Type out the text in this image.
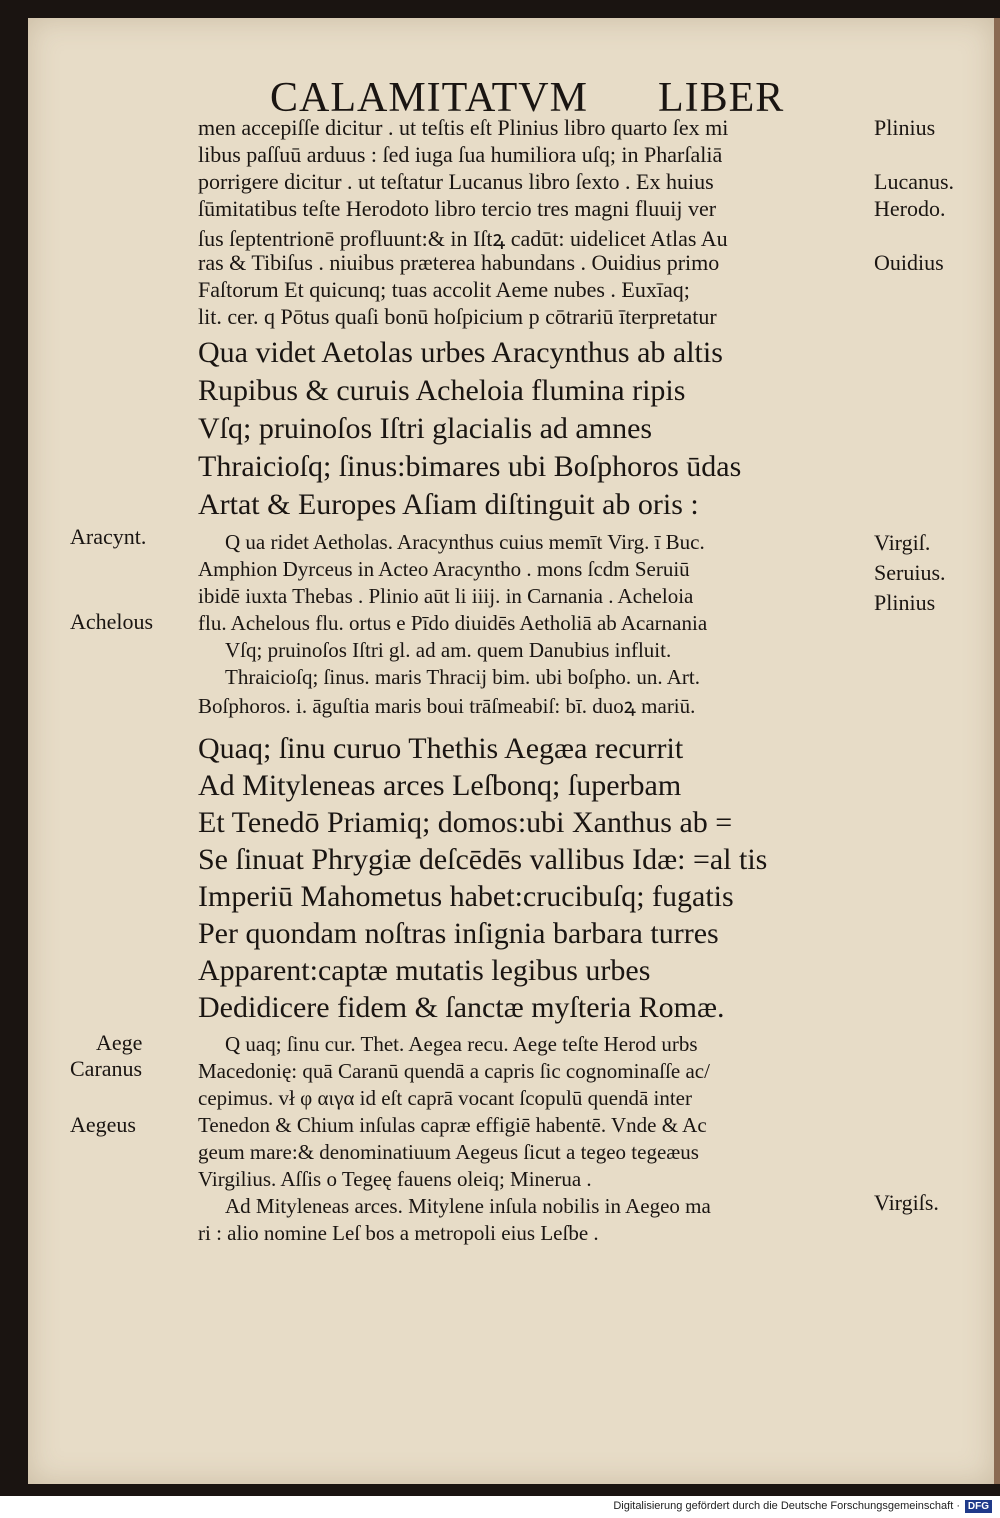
CALAMITATVM LIBER
men accepiſſe dicitur . ut teſtis eſt Plinius libro quarto ſex mi
libus paſſuū arduus : ſed iuga ſua humiliora uſq; in Pharſaliā
porrigere dicitur . ut teſtatur Lucanus libro ſexto . Ex huius
ſūmitatibus teſte Herodoto libro tercio tres magni fluuij ver
ſus ſeptentrionē profluunt:& in Iſtꝝ cadūt: uidelicet Atlas Au
ras & Tibiſus . niuibus præterea habundans . Ouidius primo
Faſtorum Et quicunq; tuas accolit Aeme nubes . Euxīaq;
lit. cer. q Pōtus quaſi bonū hoſpicium p cōtrariū īterpretatur
Qua videt Aetolas urbes Aracynthus ab altis
Rupibus & curuis Acheloia flumina ripis
Vſq; pruinoſos Iſtri glacialis ad amnes
Thraicioſq; ſinus:bimares ubi Boſphoros ūdas
Artat & Europes Aſiam diſtinguit ab oris :
Q ua ridet Aetholas. Aracynthus cuius memīt Virg. ī Buc.
Amphion Dyrceus in Acteo Aracyntho . mons ſcdm Seruiū
ibidē iuxta Thebas . Plinio aūt li iiij. in Carnania . Acheloia
flu. Achelous flu. ortus e Pīdo diuidēs Aetholiā ab Acarnania
Vſq; pruinoſos Iſtri gl. ad am. quem Danubius influit.
Thraicioſq; ſinus. maris Thracij bim. ubi boſpho. un. Art.
Boſphoros. i. āguſtia maris boui trāſmeabiſ: bī. duoꝝ mariū.
Quaq; ſinu curuo Thethis Aegæa recurrit
Ad Mityleneas arces Leſbonq; ſuperbam
Et Tenedō Priamiq; domos:ubi Xanthus ab =
Se ſinuat Phrygiæ deſcēdēs vallibus Idæ: =al tis
Imperiū Mahometus habet:crucibuſq; fugatis
Per quondam noſtras inſignia barbara turres
Apparent:captæ mutatis legibus urbes
Dedidicere fidem & ſanctæ myſteria Romæ.
Q uaq; ſinu cur. Thet. Aegea recu. Aege teſte Herod urbs
Macedonię: quā Caranū quendā a capris ſic cognominaſſe ac/
cepimus. vł φ αιγα id eſt caprā vocant ſcopulū quendā inter
Tenedon & Chium inſulas capræ effigiē habentē. Vnde & Ac
geum mare:& denominatiuum Aegeus ſicut a tegeo tegeæus
Virgilius. Aſſis o Tegeę fauens oleiq; Minerua .
Ad Mityleneas arces. Mitylene inſula nobilis in Aegeo ma
ri : alio nomine Leſ bos a metropoli eius Leſbe .
Plinius
Lucanus.
Herodo.
Ouidius
Virgiſ.
Seruius.
Plinius
Virgiſs.
Aracynt.
Achelous
Aege
Caranus
Aegeus
Digitalisierung gefördert durch die Deutsche Forschungsgemeinschaft · DFG
